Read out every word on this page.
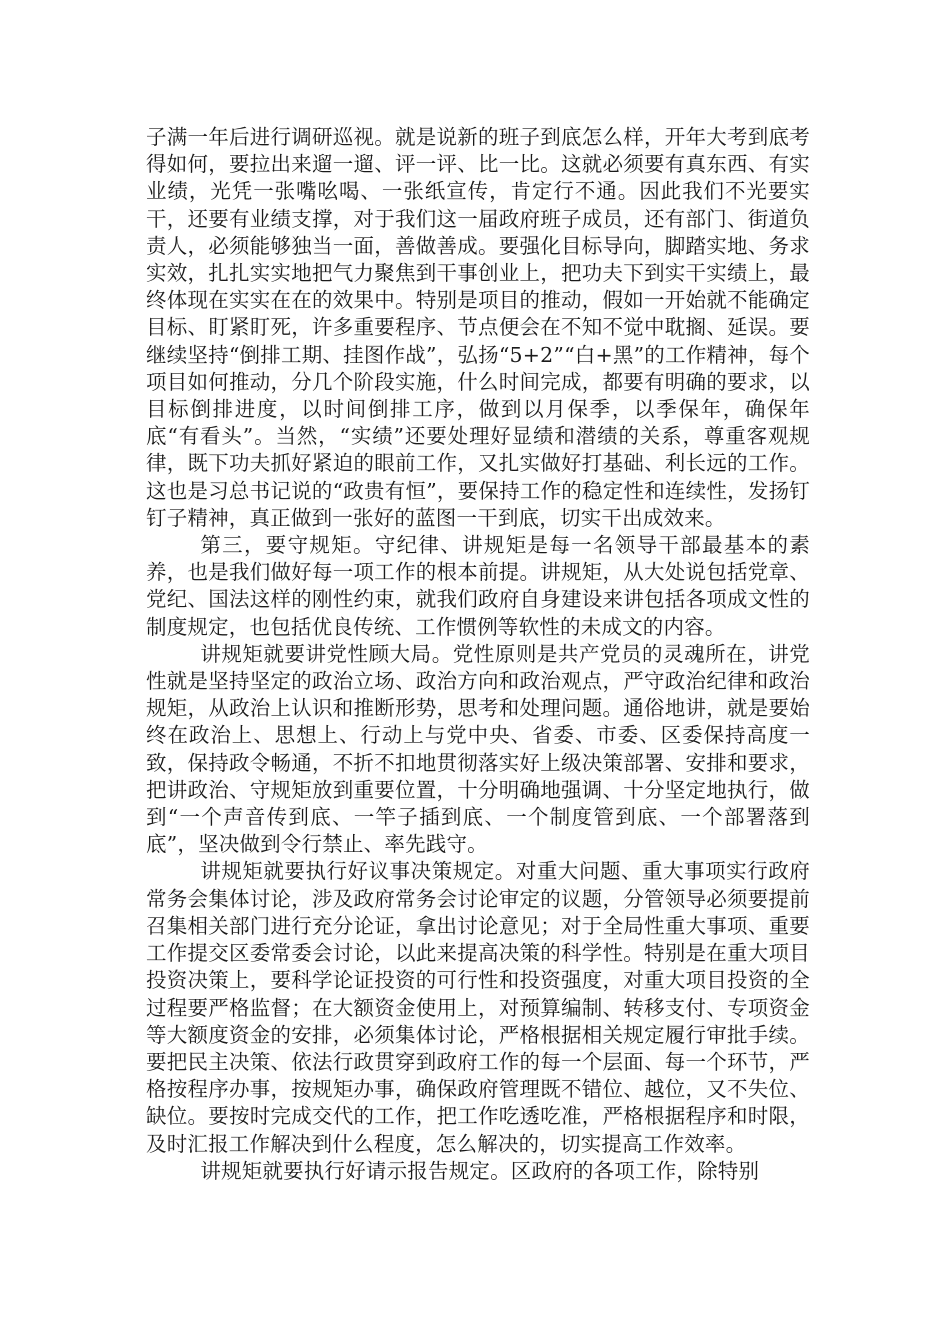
子满一年后进行调研巡视。就是说新的班子到底怎么样，开年大考到底考得如何，要拉出来遛一遛、评一评、比一比。这就必须要有真东西、有实业绩，光凭一张嘴吆喝、一张纸宣传，肯定行不通。因此我们不光要实干，还要有业绩支撑，对于我们这一届政府班子成员，还有部门、街道负责人，必须能够独当一面，善做善成。要强化目标导向，脚踏实地、务求实效，扎扎实实地把气力聚焦到干事创业上，把功夫下到实干实绩上，最终体现在实实在在的效果中。特别是项目的推动，假如一开始就不能确定目标、盯紧盯死，许多重要程序、节点便会在不知不觉中耽搁、延误。要继续坚持“倒排工期、挂图作战”，弘扬“5+2”“白+黑”的工作精神，每个项目如何推动，分几个阶段实施，什么时间完成，都要有明确的要求，以目标倒排进度，以时间倒排工序，做到以月保季，以季保年，确保年底“有看头”。当然，“实绩”还要处理好显绩和潜绩的关系，尊重客观规律，既下功夫抓好紧迫的眼前工作，又扎实做好打基础、利长远的工作。这也是习总书记说的“政贵有恒”，要保持工作的稳定性和连续性，发扬钉钉子精神，真正做到一张好的蓝图一干到底，切实干出成效来。

第三，要守规矩。守纪律、讲规矩是每一名领导干部最基本的素养，也是我们做好每一项工作的根本前提。讲规矩，从大处说包括党章、党纪、国法这样的刚性约束，就我们政府自身建设来讲包括各项成文性的制度规定，也包括优良传统、工作惯例等软性的未成文的内容。

讲规矩就要讲党性顾大局。党性原则是共产党员的灵魂所在，讲党性就是坚持坚定的政治立场、政治方向和政治观点，严守政治纪律和政治规矩，从政治上认识和推断形势，思考和处理问题。通俗地讲，就是要始终在政治上、思想上、行动上与党中央、省委、市委、区委保持高度一致，保持政令畅通，不折不扣地贯彻落实好上级决策部署、安排和要求，把讲政治、守规矩放到重要位置，十分明确地强调、十分坚定地执行，做到“一个声音传到底、一竿子插到底、一个制度管到底、一个部署落到底”，坚决做到令行禁止、率先践守。

讲规矩就要执行好议事决策规定。对重大问题、重大事项实行政府常务会集体讨论，涉及政府常务会讨论审定的议题，分管领导必须要提前召集相关部门进行充分论证，拿出讨论意见；对于全局性重大事项、重要工作提交区委常委会讨论，以此来提高决策的科学性。特别是在重大项目投资决策上，要科学论证投资的可行性和投资强度，对重大项目投资的全过程要严格监督；在大额资金使用上，对预算编制、转移支付、专项资金等大额度资金的安排，必须集体讨论，严格根据相关规定履行审批手续。要把民主决策、依法行政贯穿到政府工作的每一个层面、每一个环节，严格按程序办事，按规矩办事，确保政府管理既不错位、越位，又不失位、缺位。要按时完成交代的工作，把工作吃透吃准，严格根据程序和时限，及时汇报工作解决到什么程度，怎么解决的，切实提高工作效率。

讲规矩就要执行好请示报告规定。区政府的各项工作，除特别
